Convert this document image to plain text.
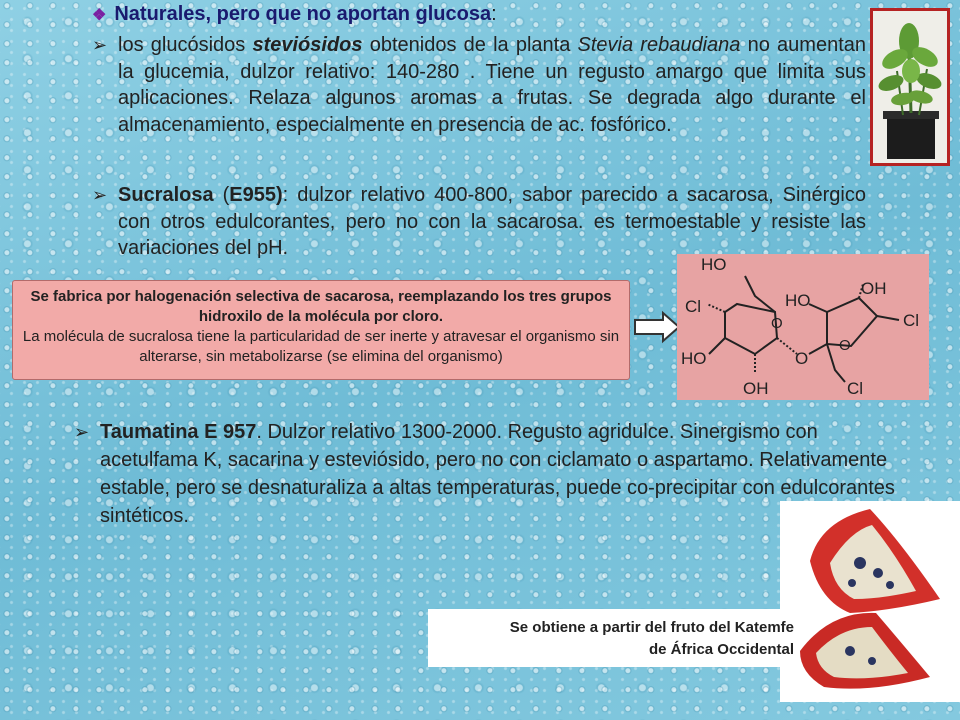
❖ Naturales, pero que no aportan glucosa:
➢ los glucósidos steviósidos obtenidos de la planta Stevia rebaudiana no aumentan la glucemia, dulzor relativo: 140-280 . Tiene un regusto amargo que limita sus aplicaciones. Relaza algunos aromas a frutas. Se degrada algo durante el almacenamiento, especialmente en presencia de ac. fosfórico.
➢ Sucralosa (E955): dulzor relativo 400-800, sabor parecido a sacarosa, Sinérgico con otros edulcorantes, pero no con la sacarosa. es termoestable y resiste las variaciones del pH.
Se fabrica por halogenación selectiva de sacarosa, reemplazando los tres grupos hidroxilo de la molécula por cloro.
La molécula de sucralosa tiene la particularidad de ser inerte y atravesar el organismo sin alterarse, sin metabolizarse (se elimina del organismo)
HO
Cl
O
HO
OH
O
HO
OH
Cl
O
Cl
➢ Taumatina E 957. Dulzor relativo 1300-2000. Regusto agridulce. Sinergismo con acetulfama K, sacarina y esteviósido, pero no con ciclamato o aspartamo. Relativamente estable, pero se desnaturaliza a altas temperaturas, puede co-precipitar con edulcorantes sintéticos.
Se obtiene a partir del fruto del Katemfe
de África Occidental
